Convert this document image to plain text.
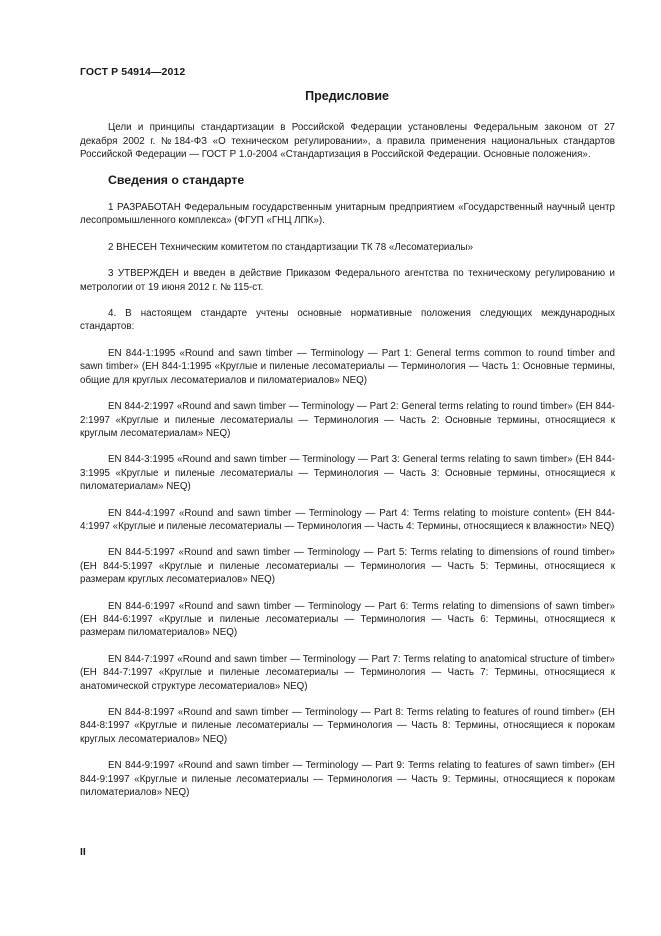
ГОСТ Р 54914—2012
Предисловие

Цели и принципы стандартизации в Российской Федерации установлены Федеральным законом от 27 декабря 2002 г. №184-ФЗ «О техническом регулировании», а правила применения национальных стандартов Российской Федерации — ГОСТ Р 1.0-2004 «Стандартизация в Российской Федерации. Основные положения».

Сведения о стандарте

1 РАЗРАБОТАН Федеральным государственным унитарным предприятием «Государственный научный центр лесопромышленного комплекса» (ФГУП «ГНЦ ЛПК»).

2 ВНЕСЕН Техническим комитетом по стандартизации ТК 78 «Лесоматериалы»

3 УТВЕРЖДЕН и введен в действие Приказом Федерального агентства по техническому регулированию и метрологии от 19 июня 2012 г. № 115-ст.

4. В настоящем стандарте учтены основные нормативные положения следующих международных стандартов:

EN 844-1:1995 «Round and sawn timber — Terminology — Part 1: General terms common to round timber and sawn timber» (ЕН 844-1:1995 «Круглые и пиленые лесоматериалы — Терминология — Часть 1: Основные термины, общие для круглых лесоматериалов и пиломатериалов» NEQ)

EN 844-2:1997 «Round and sawn timber — Terminology — Part 2: General terms relating to round timber» (ЕН 844-2:1997 «Круглые и пиленые лесоматериалы — Терминология — Часть 2: Основные термины, относящиеся к круглым лесоматериалам» NEQ)

EN 844-3:1995 «Round and sawn timber — Terminology — Part 3: General terms relating to sawn timber» (ЕН 844-3:1995 «Круглые и пиленые лесоматериалы — Терминология — Часть 3: Основные термины, относящиеся к пиломатериалам» NEQ)

EN 844-4:1997 «Round and sawn timber — Terminology — Part 4: Terms relating to moisture content» (ЕН 844-4:1997 «Круглые и пиленые лесоматериалы — Терминология — Часть 4: Термины, относящиеся к влажности» NEQ)

EN 844-5:1997 «Round and sawn timber — Terminology — Part 5: Terms relating to dimensions of round timber» (ЕН 844-5:1997 «Круглые и пиленые лесоматериалы — Терминология — Часть 5: Термины, относящиеся к размерам круглых лесоматериалов» NEQ)

EN 844-6:1997 «Round and sawn timber — Terminology — Part 6: Terms relating to dimensions of sawn timber» (ЕН 844-6:1997 «Круглые и пиленые лесоматериалы — Терминология — Часть 6: Термины, относящиеся к размерам пиломатериалов» NEQ)

EN 844-7:1997 «Round and sawn timber — Terminology — Part 7: Terms relating to anatomical structure of timber» (ЕН 844-7:1997 «Круглые и пиленые лесоматериалы — Терминология — Часть 7: Термины, относящиеся к анатомической структуре лесоматериалов» NEQ)

EN 844-8:1997 «Round and sawn timber — Terminology — Part 8: Terms relating to features of round timber» (ЕН 844-8:1997 «Круглые и пиленые лесоматериалы — Терминология — Часть 8: Термины, относящиеся к порокам круглых лесоматериалов» NEQ)

EN 844-9:1997 «Round and sawn timber — Terminology — Part 9: Terms relating to features of sawn timber» (ЕН 844-9:1997 «Круглые и пиленые лесоматериалы — Терминология — Часть 9: Термины, относящиеся к порокам пиломатериалов» NEQ)

II
